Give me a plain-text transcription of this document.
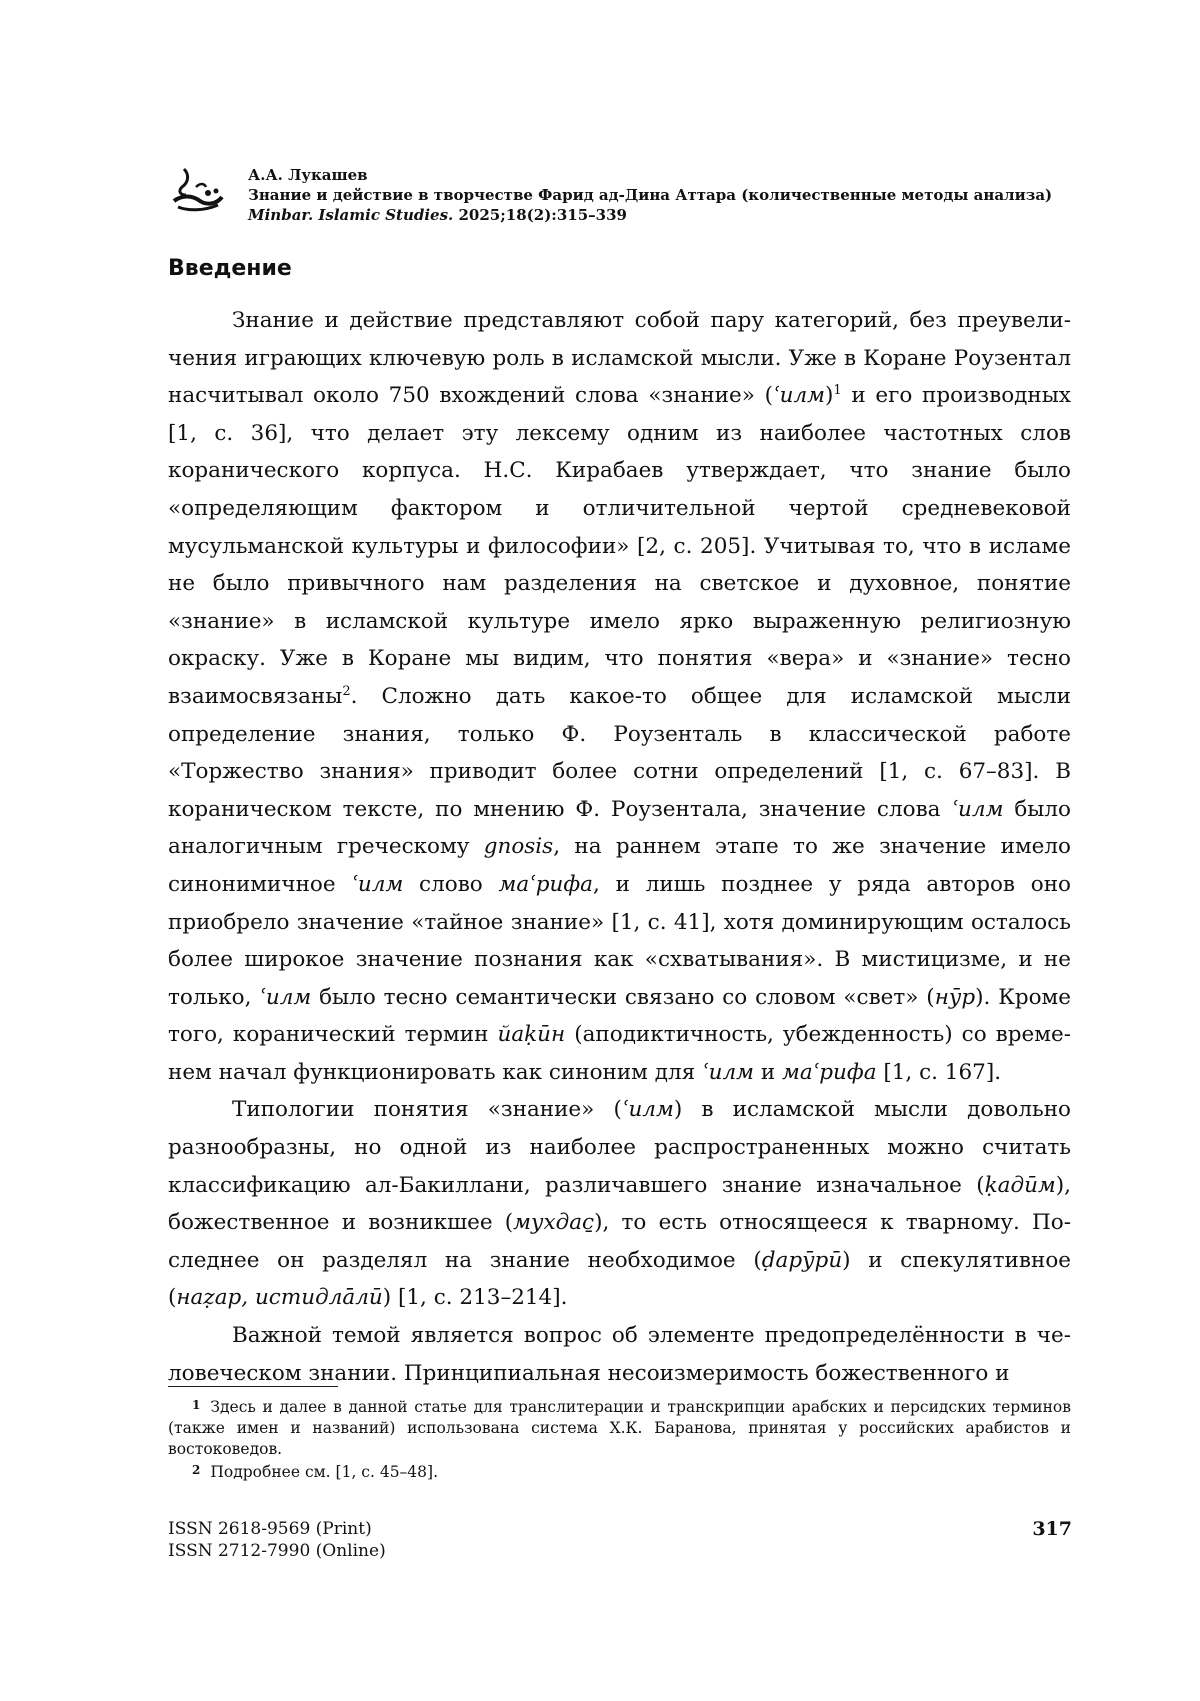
А.А. Лукашев
Знание и действие в творчестве Фарид ад-Дина Аттара (количественные методы анализа)
Minbar. Islamic Studies. 2025;18(2):315–339
Введение

Знание и действие представляют собой пару категорий, без преувели­чения играющих ключевую роль в исламской мысли. Уже в Коране Роузентал насчитывал около 750 вхождений слова «знание» (ʿилм)1 и его производных [1, с. 36], что делает эту лексему одним из наиболее частотных слов кораниче­ского корпуса. Н.С. Кирабаев утверждает, что знание было «определяющим фактором и отличительной чертой средневековой мусульманской культуры и философии» [2, с. 205]. Учитывая то, что в исламе не было привычного нам разделения на светское и духовное, понятие «знание» в исламской культуре имело ярко выраженную религиозную окраску. Уже в Коране мы видим, что понятия «вера» и «знание» тесно взаимосвязаны2. Сложно дать какое-то об­щее для исламской мысли определение знания, только Ф. Роузенталь в клас­сической работе «Торжество знания» приводит более сотни определений [1, с. 67–83]. В кораническом тексте, по мнению Ф. Роузентала, значение слова ʿилм было аналогичным греческому gnosis, на раннем этапе то же значение имело синонимичное ʿилм слово маʿрифа, и лишь позднее у ряда авторов оно приобрело значение «тайное знание» [1, с. 41], хотя доминирующим осталось более широкое значение познания как «схватывания». В мистицизме, и не только, ʿилм было тесно семантически связано со словом «свет» (нӯр). Кроме того, коранический термин йаḳӣн (аподиктичность, убежденность) со време­нем начал функционировать как синоним для ʿилм и маʿрифа [1, с. 167].

Типологии понятия «знание» (ʿилм) в исламской мысли доволь­но разнообразны, но одной из наиболее распространенных можно считать классификацию ал-Бакиллани, различавшего знание изначальное (ḳадӣм), божественное и возникшее (мухдас̱), то есть относящееся к тварному. По­следнее он разделял на знание необходимое (ḍарӯрӣ) и спекулятивное (наẓар, истидлāлӣ) [1, с. 213–214].

Важной темой является вопрос об элементе предопределённости в че­ловеческом знании. Принципиальная несоизмеримость божественного и

1 Здесь и далее в данной статье для транслитерации и транскрипции арабских и персидских терминов (также имен и названий) использована система Х.К. Баранова, принятая у российских арабистов и востоковедов.

2 Подробнее см. [1, с. 45–48].

ISSN 2618-9569 (Print)
ISSN 2712-7990 (Online)
317
